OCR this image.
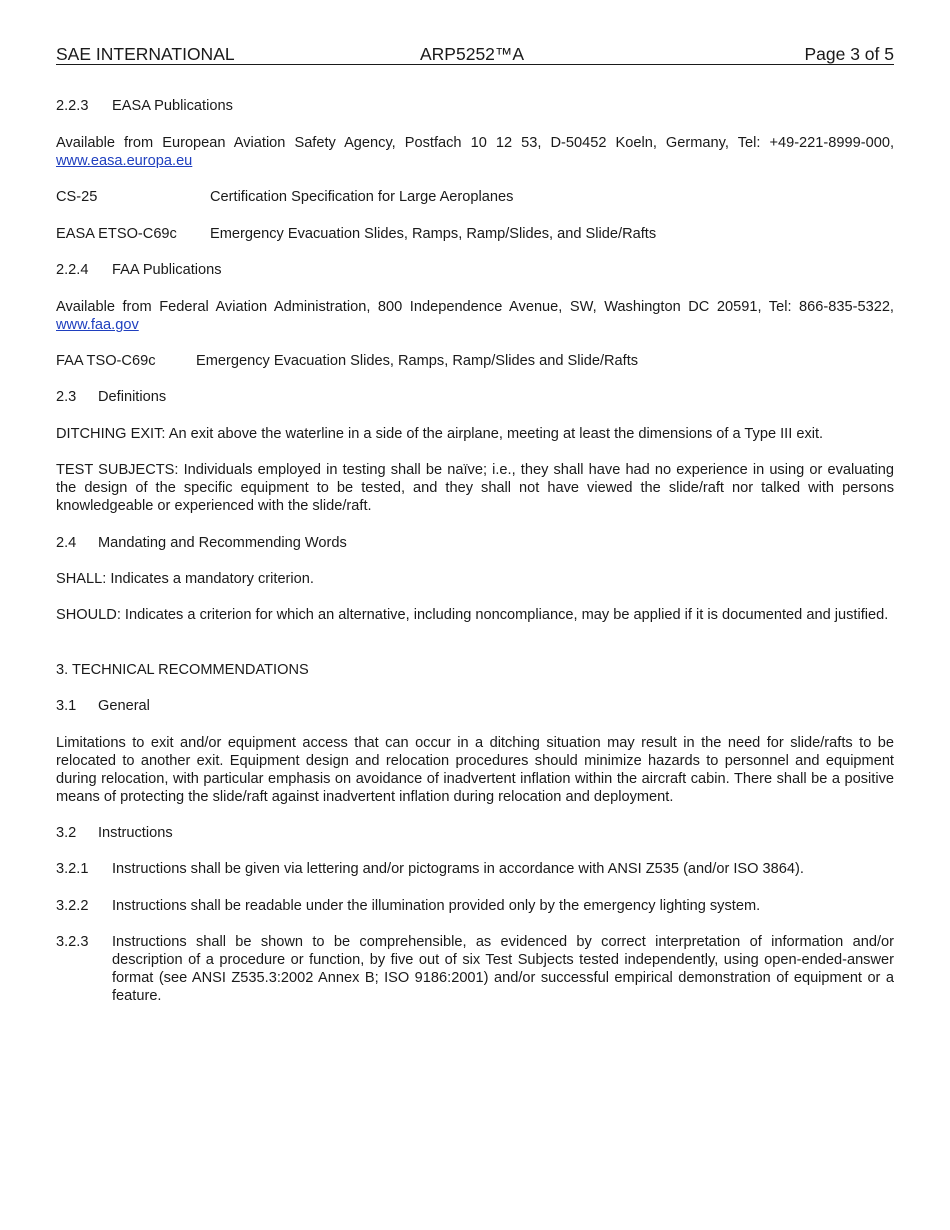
SAE INTERNATIONAL	ARP5252™A	Page 3 of 5

2.2.3 EASA Publications

Available from European Aviation Safety Agency, Postfach 10 12 53, D-50452 Koeln, Germany, Tel: +49-221-8999-000, www.easa.europa.eu

CS-25	Certification Specification for Large Aeroplanes

EASA ETSO-C69c Emergency Evacuation Slides, Ramps, Ramp/Slides, and Slide/Rafts

2.2.4 FAA Publications

Available from Federal Aviation Administration, 800 Independence Avenue, SW, Washington DC 20591, Tel: 866-835-5322, www.faa.gov

FAA TSO-C69c	Emergency Evacuation Slides, Ramps, Ramp/Slides and Slide/Rafts

2.3 Definitions

DITCHING EXIT: An exit above the waterline in a side of the airplane, meeting at least the dimensions of a Type III exit.

TEST SUBJECTS: Individuals employed in testing shall be naïve; i.e., they shall have had no experience in using or evaluating the design of the specific equipment to be tested, and they shall not have viewed the slide/raft nor talked with persons knowledgeable or experienced with the slide/raft.

2.4 Mandating and Recommending Words

SHALL: Indicates a mandatory criterion.

SHOULD: Indicates a criterion for which an alternative, including noncompliance, may be applied if it is documented and justified.

3. TECHNICAL RECOMMENDATIONS

3.1 General

Limitations to exit and/or equipment access that can occur in a ditching situation may result in the need for slide/rafts to be relocated to another exit. Equipment design and relocation procedures should minimize hazards to personnel and equipment during relocation, with particular emphasis on avoidance of inadvertent inflation within the aircraft cabin. There shall be a positive means of protecting the slide/raft against inadvertent inflation during relocation and deployment.

3.2 Instructions

3.2.1 Instructions shall be given via lettering and/or pictograms in accordance with ANSI Z535 (and/or ISO 3864).
3.2.2 Instructions shall be readable under the illumination provided only by the emergency lighting system.
3.2.3 Instructions shall be shown to be comprehensible, as evidenced by correct interpretation of information and/or description of a procedure or function, by five out of six Test Subjects tested independently, using open-ended-answer format (see ANSI Z535.3:2002 Annex B; ISO 9186:2001) and/or successful empirical demonstration of equipment or a feature.
